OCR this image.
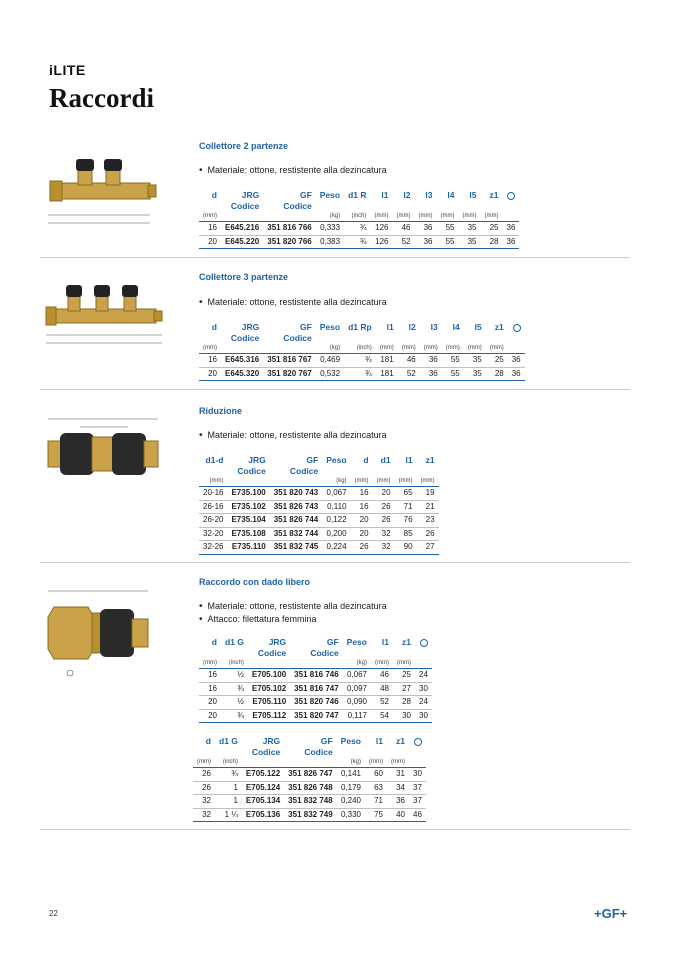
iLITE
Raccordi
Collettore 2 partenze
• Materiale: ottone, restistente alla dezincatura
d	JRG	GF	Peso	d1 R	l1	l2	l3	l4	l5	z1	
	Codice	Codice									
(mm)			(kg)	(inch)	(mm)	(mm)	(mm)	(mm)	(mm)	(mm)	
16	E645.216	351 816 766	0,333	¾	126	46	36	55	35	25	36
20	E645.220	351 820 766	0,383	¾	126	52	36	55	35	28	36
Collettore 3 partenze
• Materiale: ottone, restistente alla dezincatura
d	JRG	GF	Peso	d1 Rp	l1	l2	l3	l4	l5	z1	
	Codice	Codice									
(mm)			(kg)	(inch)	(mm)	(mm)	(mm)	(mm)	(mm)	(mm)	
16	E645.316	351 816 767	0,469	¾	181	46	36	55	35	25	36
20	E645.320	351 820 767	0,532	¾	181	52	36	55	35	28	36
Riduzione
• Materiale: ottone, restistente alla dezincatura
d1-d	JRG	GF	Peso	d	d1	l1	z1
	Codice	Codice					
(mm)			(kg)	(mm)	(mm)	(mm)	(mm)
20-16	E735.100	351 820 743	0,067	16	20	65	19
26-16	E735.102	351 826 743	0,110	16	26	71	21
26-20	E735.104	351 826 744	0,122	20	26	76	23
32-20	E735.108	351 832 744	0,200	20	32	85	26
32-26	E735.110	351 832 745	0,224	26	32	90	27
Raccordo con dado libero
• Materiale: ottone, restistente alla dezincatura
• Attacco: filettatura femmina
d	d1 G	JRG	GF	Peso	l1	z1	
		Codice	Codice				
(mm)	(inch)			(kg)	(mm)	(mm)	
16	½	E705.100	351 816 746	0,067	46	25	24
16	¾	E705.102	351 816 747	0,097	48	27	30
20	½	E705.110	351 820 746	0,090	52	28	24
20	¾	E705.112	351 820 747	0,117	54	30	30
d	d1 G	JRG	GF	Peso	l1	z1	
		Codice	Codice				
(mm)	(inch)			(kg)	(mm)	(mm)	
26	¾	E705.122	351 826 747	0,141	60	31	30
26	1	E705.124	351 826 748	0,179	63	34	37
32	1	E705.134	351 832 748	0,240	71	36	37
32	1 ¼	E705.136	351 832 749	0,330	75	40	46
22	+GF+
